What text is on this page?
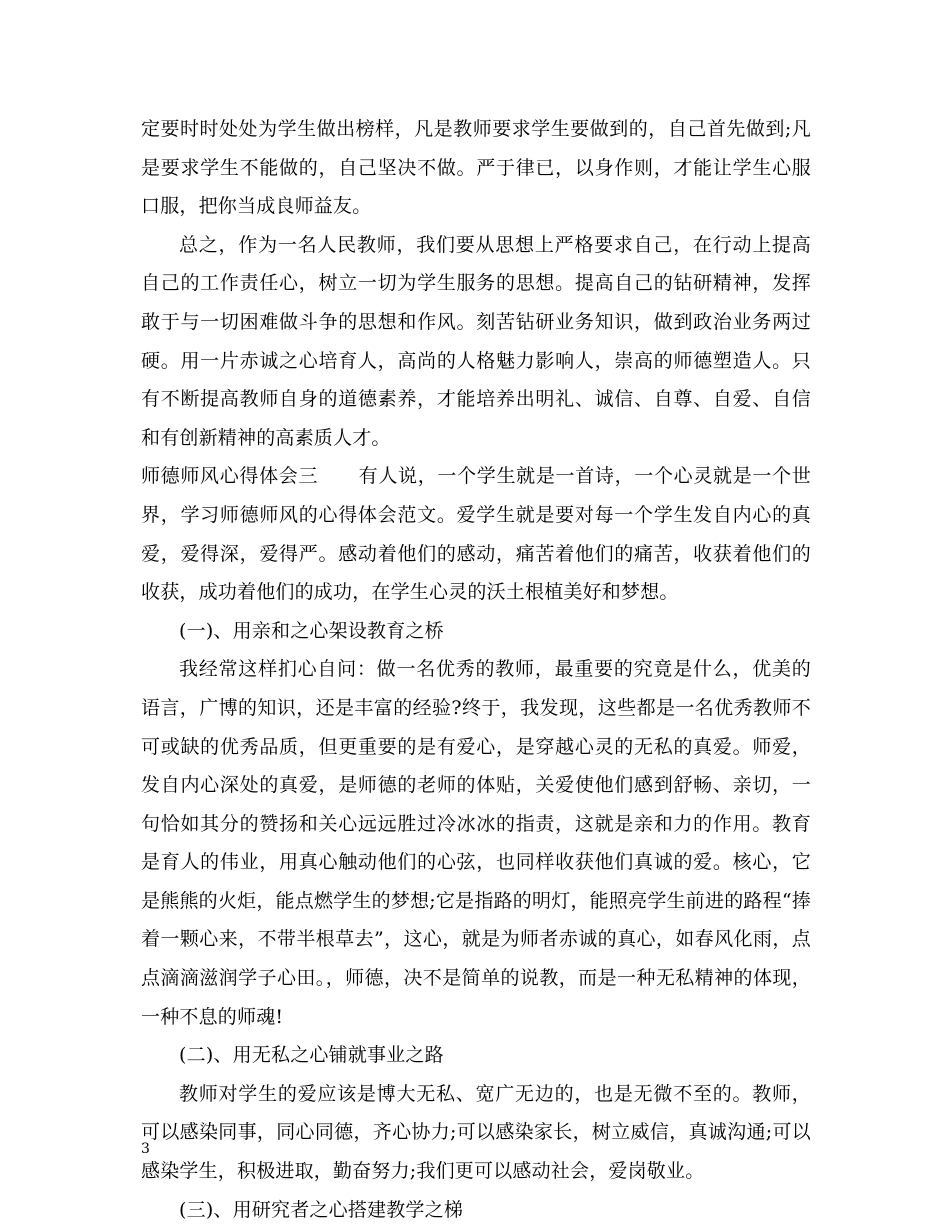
定要时时处处为学生做出榜样，凡是教师要求学生要做到的，自己首先做到;凡是要求学生不能做的，自己坚决不做。严于律已，以身作则，才能让学生心服口服，把你当成良师益友。

总之，作为一名人民教师，我们要从思想上严格要求自己，在行动上提高自己的工作责任心，树立一切为学生服务的思想。提高自己的钻研精神，发挥敢于与一切困难做斗争的思想和作风。刻苦钻研业务知识，做到政治业务两过硬。用一片赤诚之心培育人，高尚的人格魅力影响人，崇高的师德塑造人。只有不断提高教师自身的道德素养，才能培养出明礼、诚信、自尊、自爱、自信和有创新精神的高素质人才。

师德师风心得体会三 有人说，一个学生就是一首诗，一个心灵就是一个世界，学习师德师风的心得体会范文。爱学生就是要对每一个学生发自内心的真爱，爱得深，爱得严。感动着他们的感动，痛苦着他们的痛苦，收获着他们的收获，成功着他们的成功，在学生心灵的沃土根植美好和梦想。

(一)、用亲和之心架设教育之桥

我经常这样扪心自问：做一名优秀的教师，最重要的究竟是什么，优美的语言，广博的知识，还是丰富的经验?终于，我发现，这些都是一名优秀教师不可或缺的优秀品质，但更重要的是有爱心，是穿越心灵的无私的真爱。师爱，发自内心深处的真爱，是师德的老师的体贴，关爱使他们感到舒畅、亲切，一句恰如其分的赞扬和关心远远胜过冷冰冰的指责，这就是亲和力的作用。教育是育人的伟业，用真心触动他们的心弦，也同样收获他们真诚的爱。核心，它是熊熊的火炬，能点燃学生的梦想;它是指路的明灯，能照亮学生前进的路程“捧着一颗心来，不带半根草去”，这心，就是为师者赤诚的真心，如春风化雨，点点滴滴滋润学子心田。，师德，决不是简单的说教，而是一种无私精神的体现，一种不息的师魂!

(二)、用无私之心铺就事业之路

教师对学生的爱应该是博大无私、宽广无边的，也是无微不至的。教师，可以感染同事，同心同德，齐心协力;可以感染家长，树立威信，真诚沟通;可以感染学生，积极进取，勤奋努力;我们更可以感动社会，爱岗敬业。

(三)、用研究者之心搭建教学之梯

3
